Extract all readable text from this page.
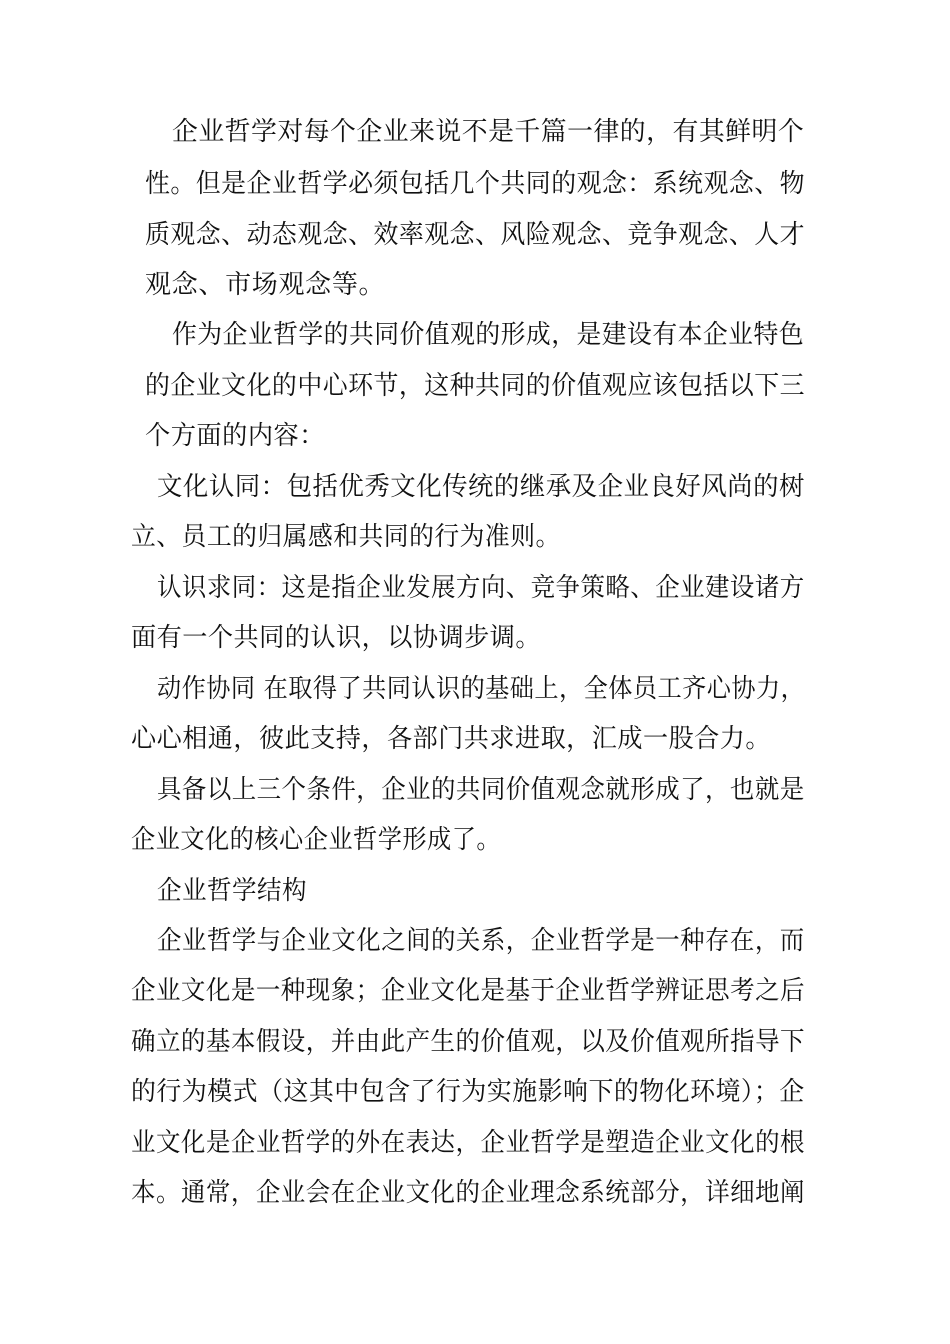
企业哲学对每个企业来说不是千篇一律的，有其鲜明个
性。但是企业哲学必须包括几个共同的观念：系统观念、物
质观念、动态观念、效率观念、风险观念、竞争观念、人才
观念、市场观念等。
作为企业哲学的共同价值观的形成，是建设有本企业特色
的企业文化的中心环节，这种共同的价值观应该包括以下三
个方面的内容：
文化认同：包括优秀文化传统的继承及企业良好风尚的树
立、员工的归属感和共同的行为准则。
认识求同：这是指企业发展方向、竞争策略、企业建设诸方
面有一个共同的认识，以协调步调。
动作协同 在取得了共同认识的基础上，全体员工齐心协力，
心心相通，彼此支持，各部门共求进取，汇成一股合力。
具备以上三个条件，企业的共同价值观念就形成了，也就是
企业文化的核心企业哲学形成了。
企业哲学结构
企业哲学与企业文化之间的关系，企业哲学是一种存在，而
企业文化是一种现象；企业文化是基于企业哲学辨证思考之后
确立的基本假设，并由此产生的价值观，以及价值观所指导下
的行为模式（这其中包含了行为实施影响下的物化环境）；企
业文化是企业哲学的外在表达，企业哲学是塑造企业文化的根
本。通常，企业会在企业文化的企业理念系统部分，详细地阐
